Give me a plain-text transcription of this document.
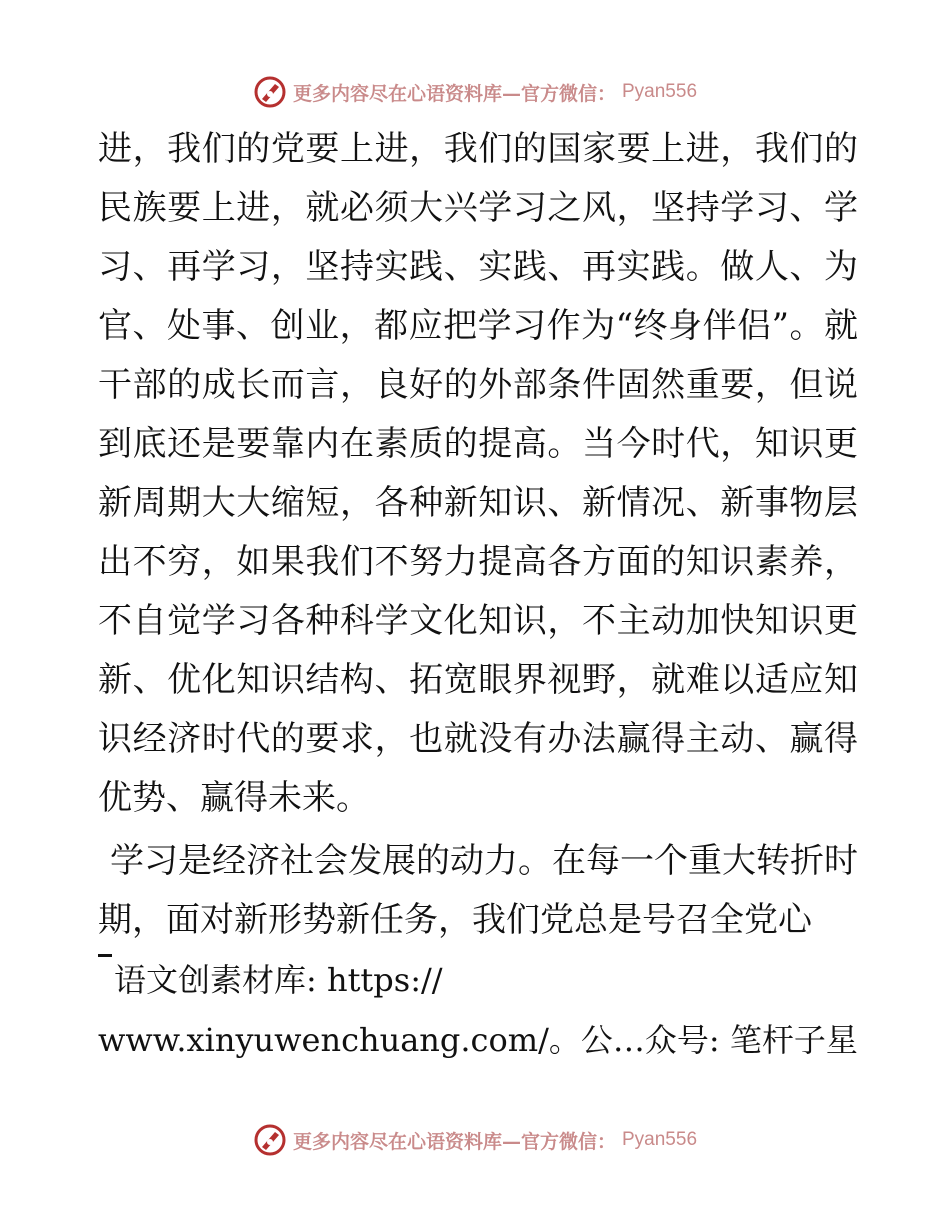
更多内容尽在心语资料库—官方微信： Pyan556

进，我们的党要上进，我们的国家要上进，我们的民族要上进，就必须大兴学习之风，坚持学习、学习、再学习，坚持实践、实践、再实践。做人、为官、处事、创业，都应把学习作为“终身伴侣”。就干部的成长而言，良好的外部条件固然重要，但说到底还是要靠内在素质的提高。当今时代，知识更新周期大大缩短，各种新知识、新情况、新事物层出不穷，如果我们不努力提高各方面的知识素养，不自觉学习各种科学文化知识，不主动加快知识更新、优化知识结构、拓宽眼界视野，就难以适应知识经济时代的要求，也就没有办法赢得主动、赢得优势、赢得未来。

学习是经济社会发展的动力。在每一个重大转折时期，面对新形势新任务，我们党总是号召全党心

语文创素材库: https://
www.xinyuwenchuang.com/。公…众号: 笔杆子星
更多内容尽在心语资料库—官方微信： Pyan556
